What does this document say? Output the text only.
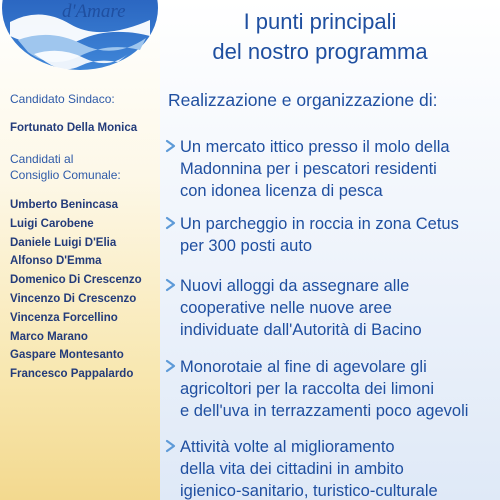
d'Amare
Candidato Sindaco:
Fortunato Della Monica
Candidati al
Consiglio Comunale:
Umberto Benincasa
Luigi Carobene
Daniele Luigi D'Elia
Alfonso D'Emma
Domenico Di Crescenzo
Vincenzo Di Crescenzo
Vincenza Forcellino
Marco Marano
Gaspare Montesanto
Francesco Pappalardo
I punti principali
del nostro programma
Realizzazione e organizzazione di:
Un mercato ittico presso il molo della
Madonnina per i pescatori residenti
con idonea licenza di pesca
Un parcheggio in roccia in zona Cetus
per 300 posti auto
Nuovi alloggi da assegnare alle
cooperative nelle nuove aree
individuate dall'Autorità di Bacino
Monorotaie al fine di agevolare gli
agricoltori per la raccolta dei limoni
e dell'uva in terrazzamenti poco agevoli
Attività volte al miglioramento
della vita dei cittadini in ambito
igienico-sanitario, turistico-culturale
